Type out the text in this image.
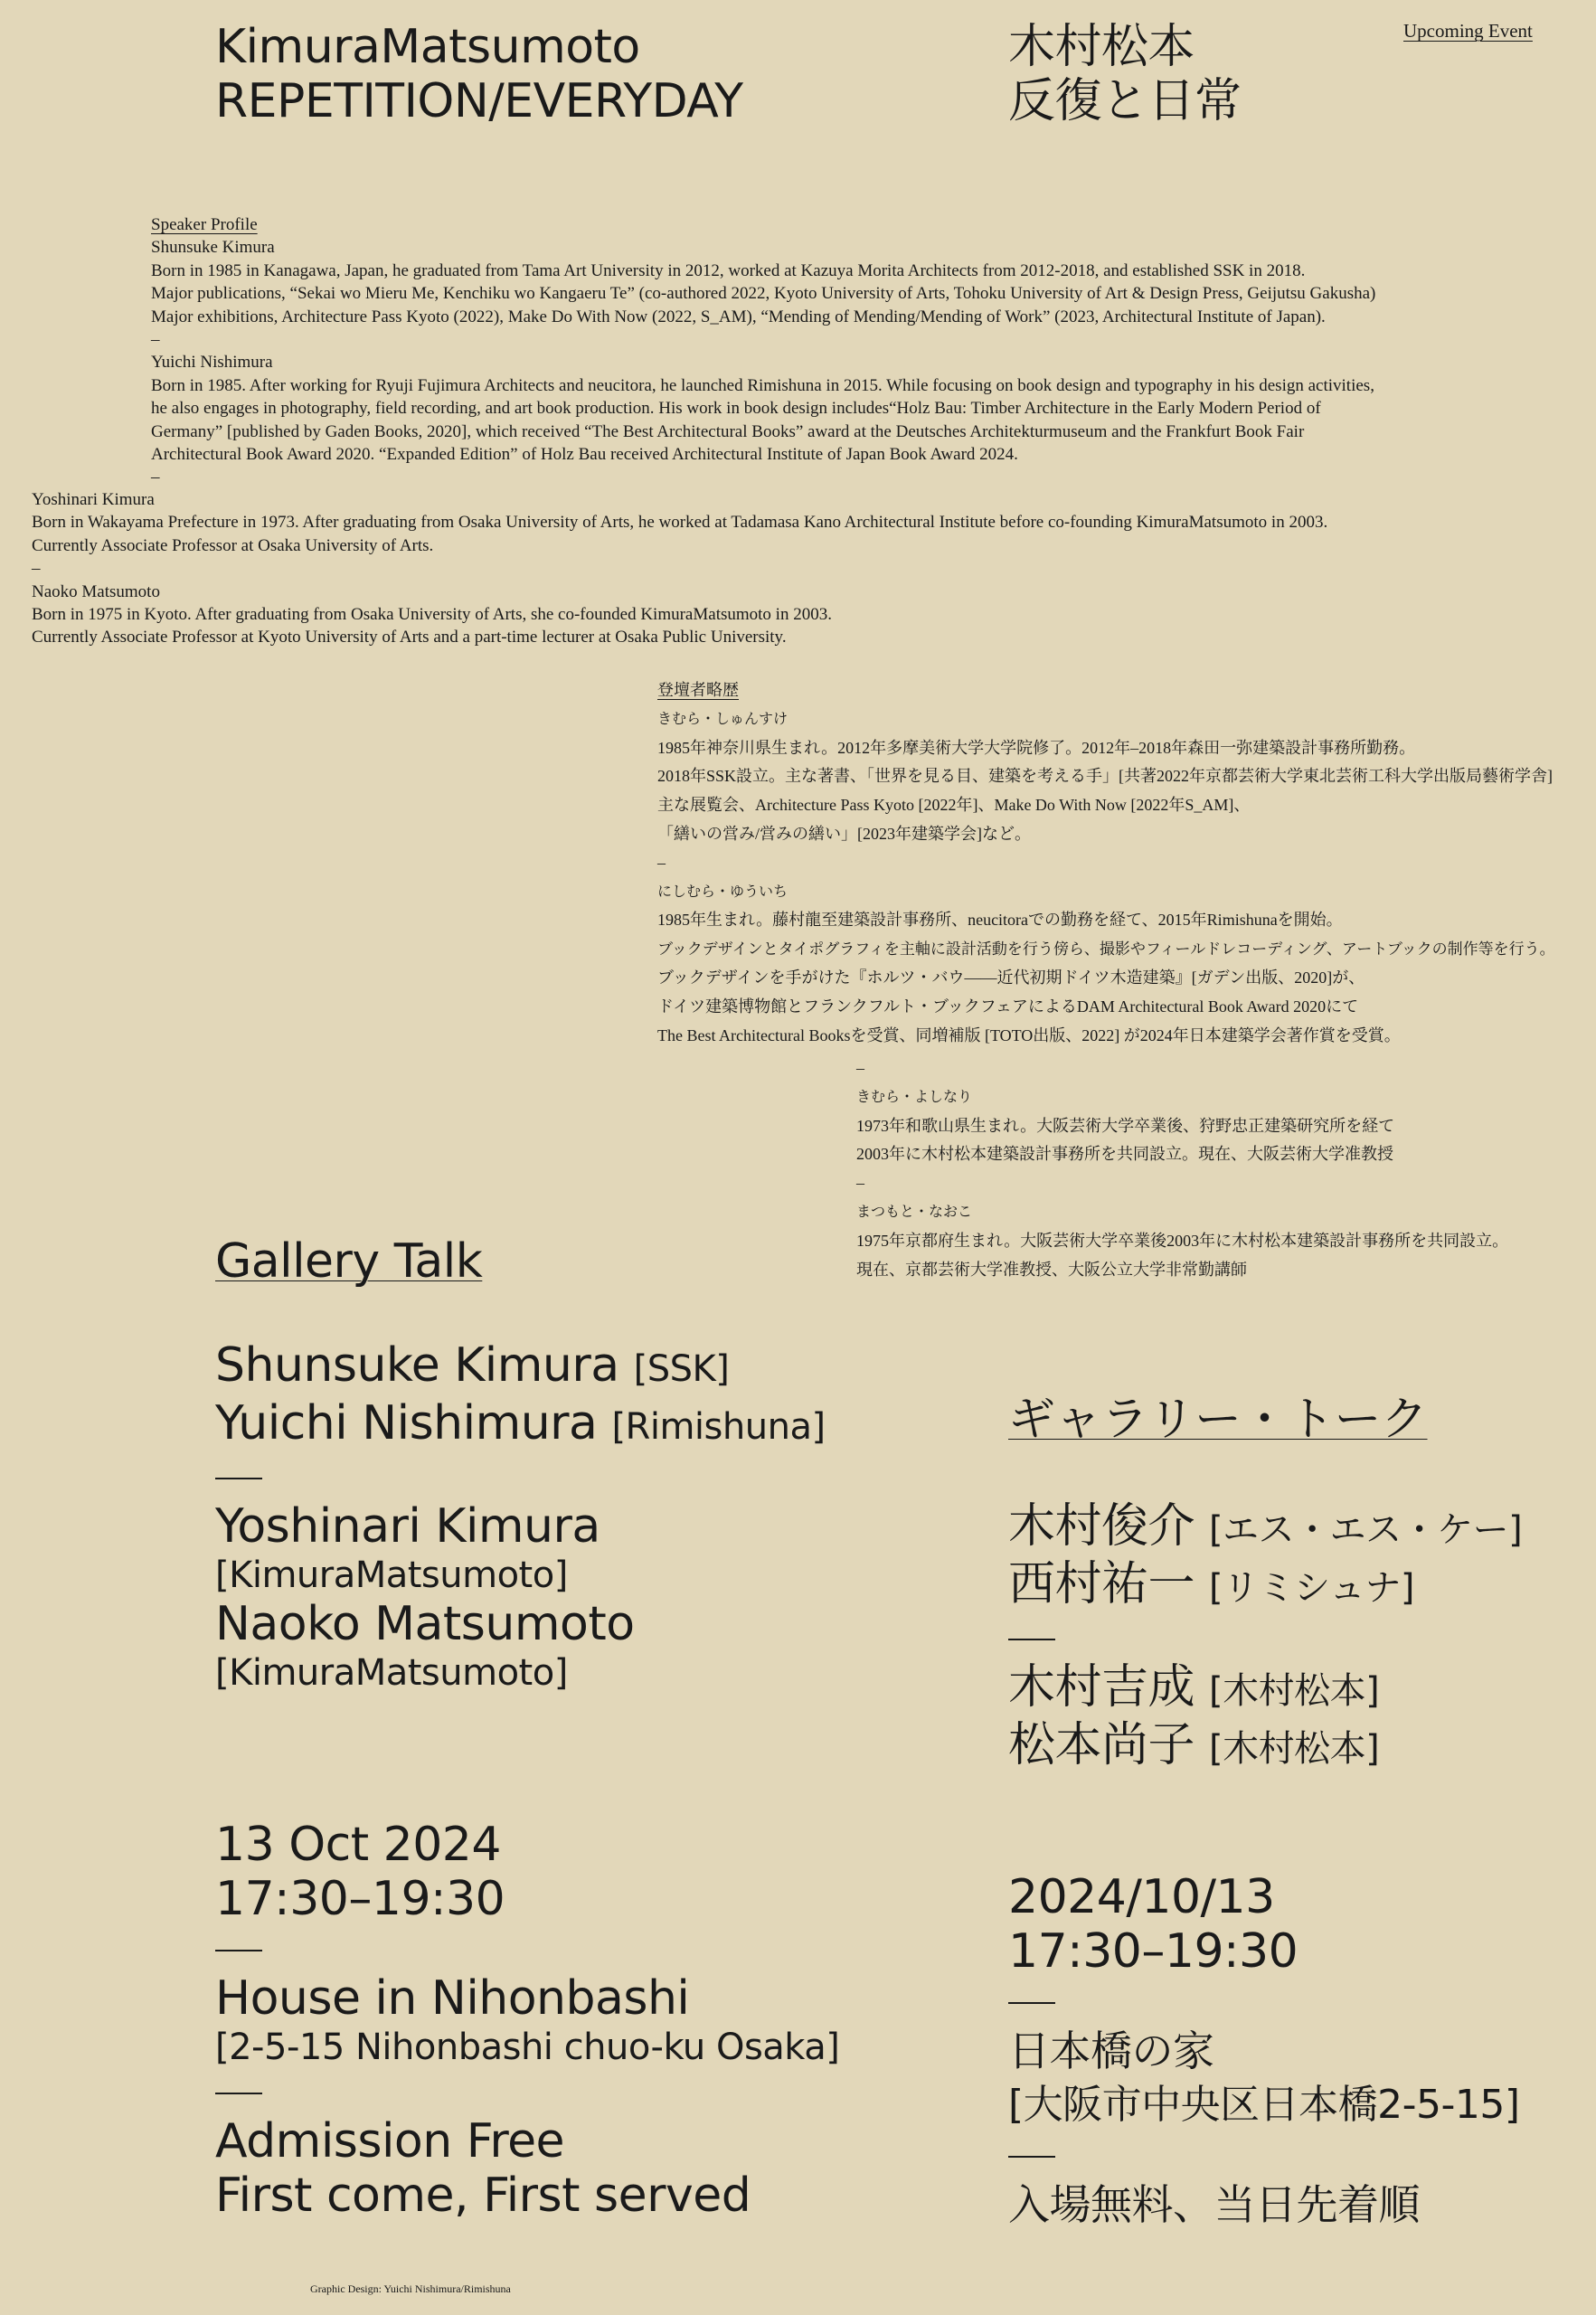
KimuraMatsumoto
REPETITION/EVERYDAY
木村松本
反復と日常
Upcoming Event
Speaker Profile
Shunsuke Kimura
Born in 1985 in Kanagawa, Japan, he graduated from Tama Art University in 2012, worked at Kazuya Morita Architects from 2012-2018, and established SSK in 2018.
Major publications, “Sekai wo Mieru Me, Kenchiku wo Kangaeru Te” (co-authored 2022, Kyoto University of Arts, Tohoku University of Art & Design Press, Geijutsu Gakusha)
Major exhibitions, Architecture Pass Kyoto (2022), Make Do With Now (2022, S_AM), “Mending of Mending/Mending of Work” (2023, Architectural Institute of Japan).
–
Yuichi Nishimura
Born in 1985. After working for Ryuji Fujimura Architects and neucitora, he launched Rimishuna in 2015. While focusing on book design and typography in his design activities,
he also engages in photography, field recording, and art book production. His work in book design includes“Holz Bau: Timber Architecture in the Early Modern Period of
Germany” [published by Gaden Books, 2020], which received “The Best Architectural Books” award at the Deutsches Architekturmuseum and the Frankfurt Book Fair
Architectural Book Award 2020. “Expanded Edition” of Holz Bau received Architectural Institute of Japan Book Award 2024.
–
Yoshinari Kimura
Born in Wakayama Prefecture in 1973. After graduating from Osaka University of Arts, he worked at Tadamasa Kano Architectural Institute before co-founding KimuraMatsumoto in 2003.
Currently Associate Professor at Osaka University of Arts.
–
Naoko Matsumoto
Born in 1975 in Kyoto. After graduating from Osaka University of Arts, she co-founded KimuraMatsumoto in 2003.
Currently Associate Professor at Kyoto University of Arts and a part-time lecturer at Osaka Public University.
登壇者略歴
きむら・しゅんすけ
1985年神奈川県生まれ。2012年多摩美術大学大学院修了。2012年–2018年森田一弥建築設計事務所勤務。
2018年SSK設立。主な著書、「世界を見る目、建築を考える手」[共著2022年京都芸術大学東北芸術工科大学出版局藝術学舎]
主な展覧会、Architecture Pass Kyoto [2022年]、Make Do With Now [2022年S_AM]、
「繕いの営み/営みの繕い」[2023年建築学会]など。
–
にしむら・ゆういち
1985年生まれ。藤村龍至建築設計事務所、neucitoraでの勤務を経て、2015年Rimishunaを開始。
ブックデザインとタイポグラフィを主軸に設計活動を行う傍ら、撮影やフィールドレコーディング、アートブックの制作等を行う。
ブックデザインを手がけた『ホルツ・バウ——近代初期ドイツ木造建築』[ガデン出版、2020]が、
ドイツ建築博物館とフランクフルト・ブックフェアによるDAM Architectural Book Award 2020にて
The Best Architectural Booksを受賞、同増補版 [TOTO出版、2022] が2024年日本建築学会著作賞を受賞。
–
きむら・よしなり
1973年和歌山県生まれ。大阪芸術大学卒業後、狩野忠正建築研究所を経て
2003年に木村松本建築設計事務所を共同設立。現在、大阪芸術大学准教授
–
まつもと・なおこ
1975年京都府生まれ。大阪芸術大学卒業後2003年に木村松本建築設計事務所を共同設立。
現在、京都芸術大学准教授、大阪公立大学非常勤講師
Gallery Talk
Shunsuke Kimura [SSK]
Yuichi Nishimura [Rimishuna]
Yoshinari Kimura
[KimuraMatsumoto]
Naoko Matsumoto
[KimuraMatsumoto]
13 Oct 2024
17:30–19:30
House in Nihonbashi
[2-5-15 Nihonbashi chuo-ku Osaka]
Admission Free
First come, First served
ギャラリー・トーク
木村俊介 [エス・エス・ケー]
西村祐一 [リミシュナ]
木村吉成 [木村松本]
松本尚子 [木村松本]
2024/10/13
17:30–19:30
日本橋の家
[大阪市中央区日本橋2-5-15]
入場無料、当日先着順
Graphic Design: Yuichi Nishimura/Rimishuna
